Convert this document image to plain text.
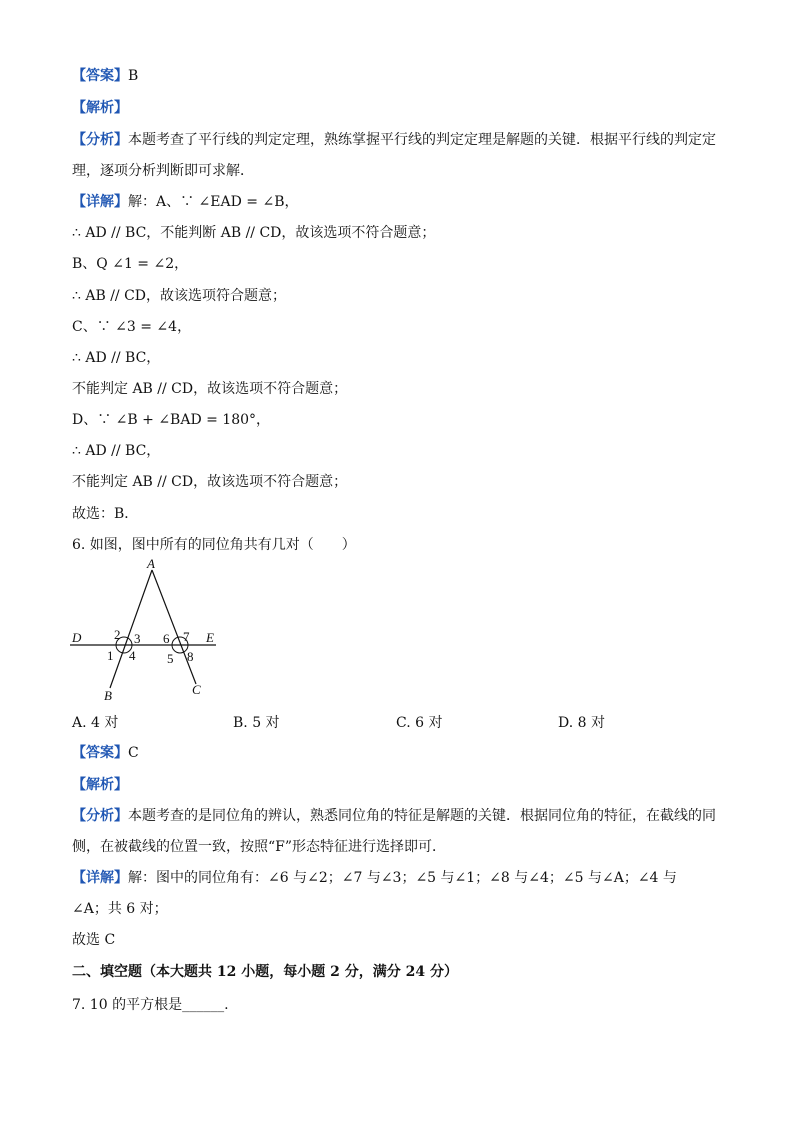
【答案】B
【解析】
【分析】本题考查了平行线的判定定理，熟练掌握平行线的判定定理是解题的关键．根据平行线的判定定
理，逐项分析判断即可求解．
【详解】解：A、∵ ∠EAD = ∠B，
∴ AD // BC，不能判断 AB // CD，故该选项不符合题意；
B、Q ∠1 = ∠2，
∴ AB // CD，故该选项符合题意；
C、∵ ∠3 = ∠4，
∴ AD // BC，
不能判定 AB // CD，故该选项不符合题意；
D、∵ ∠B + ∠BAD = 180°，
∴ AD // BC，
不能判定 AB // CD，故该选项不符合题意；
故选：B．
6. 如图，图中所有的同位角共有几对（　　）
A
D	E
B	C
2 3
1 4
6 7
5 8
A. 4 对	B. 5 对	C. 6 对	D. 8 对
【答案】C
【解析】
【分析】本题考查的是同位角的辨认，熟悉同位角的特征是解题的关键．根据同位角的特征，在截线的同
侧，在被截线的位置一致，按照“F”形态特征进行选择即可．
【详解】解：图中的同位角有：∠6 与∠2；∠7 与∠3；∠5 与∠1；∠8 与∠4；∠5 与∠A；∠4 与
∠A；共 6 对；
故选 C
二、填空题（本大题共 12 小题，每小题 2 分，满分 24 分）
7. 10 的平方根是______.
